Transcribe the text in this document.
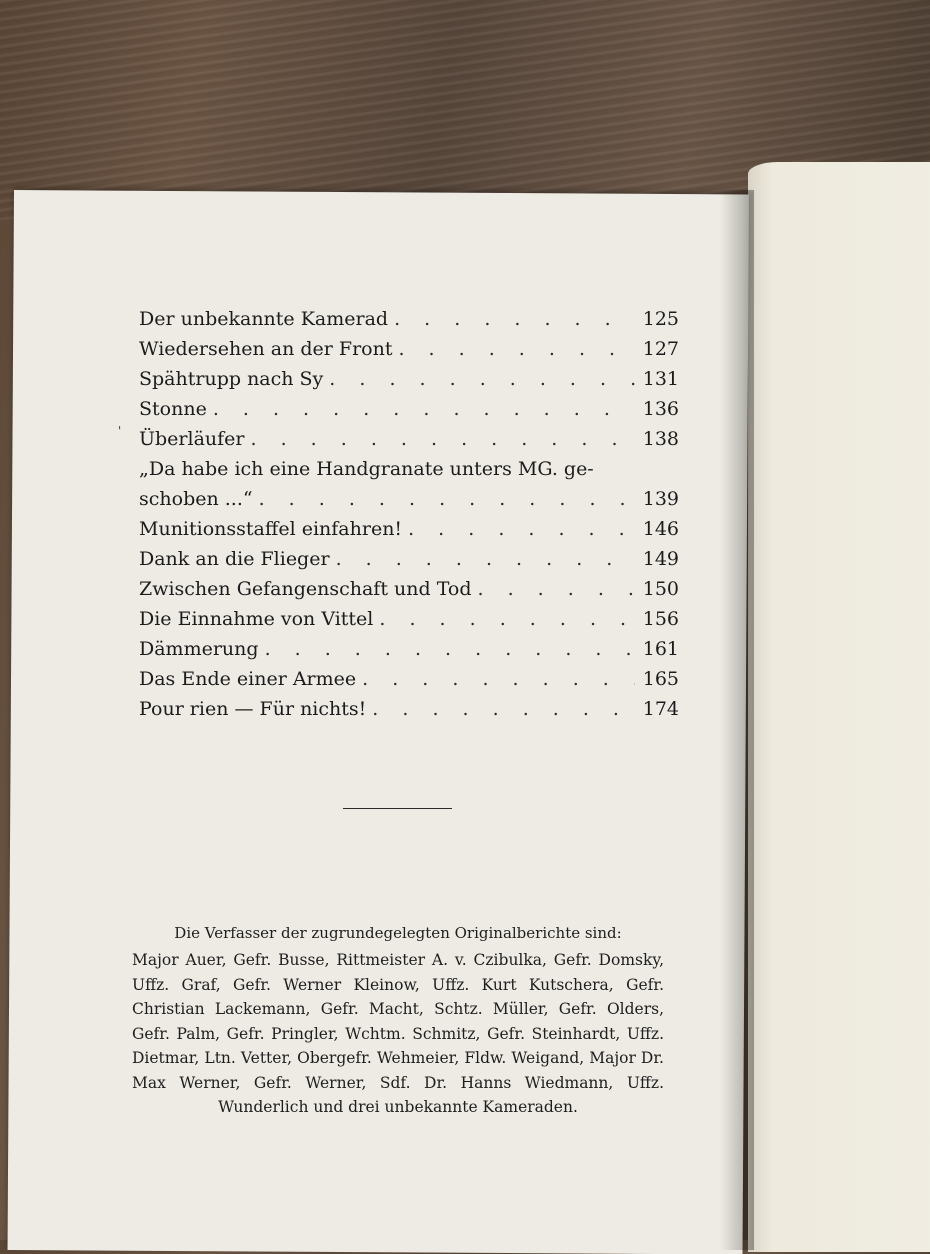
'
Der unbekannte Kamerad . . .	125
Wiedersehen an der Front . . .	127
Spähtrupp nach Sy . . .	131
Stonne . . .	136
Überläufer . . .	138
„Da habe ich eine Handgranate unters MG. ge-
schoben ...“ . . .	139
Munitionsstaffel einfahren! . . .	146
Dank an die Flieger . . .	149
Zwischen Gefangenschaft und Tod . . .	150
Die Einnahme von Vittel . . .	156
Dämmerung . . .	161
Das Ende einer Armee . . .	165
Pour rien — Für nichts! . . .	174
Die Verfasser der zugrundegelegten Originalberichte sind:
Major Auer, Gefr. Busse, Rittmeister A. v. Czibulka, Gefr. Domsky, Uffz. Graf, Gefr. Werner Kleinow, Uffz. Kurt Kutschera, Gefr. Christian Lackemann, Gefr. Macht, Schtz. Müller, Gefr. Olders, Gefr. Palm, Gefr. Pringler, Wchtm. Schmitz, Gefr. Steinhardt, Uffz. Dietmar, Ltn. Vetter, Obergefr. Wehmeier, Fldw. Weigand, Major Dr. Max Werner, Gefr. Werner, Sdf. Dr. Hanns Wiedmann, Uffz. Wunderlich und drei unbekannte Kameraden.
